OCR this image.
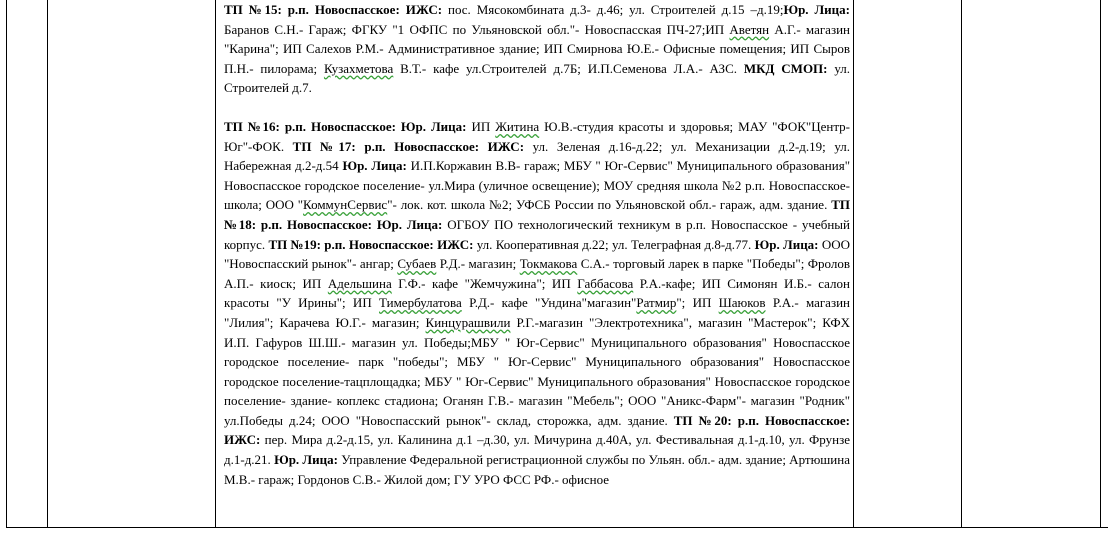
ТП №15: р.п. Новоспасское: ИЖС: пос. Мясокомбината д.3- д.46; ул. Строителей д.15 –д.19;Юр. Лица: Баранов С.Н.- Гараж; ФГКУ "1 ОФПС по Ульяновской обл."- Новоспасская ПЧ-27;ИП Аветян А.Г.- магазин "Карина"; ИП Салехов Р.М.- Административное здание; ИП Смирнова Ю.Е.- Офисные помещения; ИП Сыров П.Н.- пилорама; Кузахметова В.Т.- кафе ул.Строителей д.7Б; И.П.Семенова Л.А.- АЗС. МКД СМОП: ул. Строителей д.7.

ТП №16: р.п. Новоспасское: Юр. Лица: ИП Житина Ю.В.-студия красоты и здоровья; МАУ "ФОК"Центр-Юг"-ФОК. ТП №17: р.п. Новоспасское: ИЖС: ул. Зеленая д.16-д.22; ул. Механизации д.2-д.19; ул. Набережная д.2-д.54 Юр. Лица: И.П.Коржавин В.В- гараж; МБУ " Юг-Сервис" Муниципального образования" Новоспасское городское поселение- ул.Мира (уличное освещение); МОУ средняя школа №2 р.п. Новоспасское- школа; ООО "КоммунСервис"- лок. кот. школа №2; УФСБ России по Ульяновской обл.- гараж, адм. здание. ТП №18: р.п. Новоспасское: Юр. Лица: ОГБОУ ПО технологический техникум в р.п. Новоспасское - учебный корпус. ТП №19: р.п. Новоспасское: ИЖС: ул. Кооперативная д.22; ул. Телеграфная д.8-д.77. Юр. Лица: ООО "Новоспасский рынок"- ангар; Субаев Р.Д.- магазин; Токмакова С.А.- торговый ларек в парке "Победы"; Фролов А.П.- киоск; ИП Адельшина Г.Ф.- кафе "Жемчужина"; ИП Габбасова Р.А.-кафе; ИП Симонян И.Б.- салон красоты "У Ирины"; ИП Тимербулатова Р.Д.- кафе "Ундина"магазин"Ратмир"; ИП Шаюков Р.А.- магазин "Лилия"; Карачева Ю.Г.- магазин; Кинцурашвили Р.Г.-магазин "Электротехника", магазин "Мастерок"; КФХ И.П. Гафуров Ш.Ш.- магазин ул. Победы;МБУ " Юг-Сервис" Муниципального образования" Новоспасское городское поселение- парк "победы"; МБУ " Юг-Сервис" Муниципального образования" Новоспасское городское поселение-тацплощадка; МБУ " Юг-Сервис" Муниципального образования" Новоспасское городское поселение- здание- коплекс стадиона; Оганян Г.В.- магазин "Мебель"; ООО "Аникс-Фарм"- магазин "Родник" ул.Победы д.24; ООО "Новоспасский рынок"- склад, сторожка, адм. здание. ТП №20: р.п. Новоспасское: ИЖС: пер. Мира д.2-д.15, ул. Калинина д.1 –д.30, ул. Мичурина д.40А, ул. Фестивальная д.1-д.10, ул. Фрунзе д.1-д.21. Юр. Лица: Управление Федеральной регистрационной службы по Ульян. обл.- адм. здание; Артюшина М.В.- гараж; Гордонов С.В.- Жилой дом; ГУ УРО ФСС РФ.- офисное
